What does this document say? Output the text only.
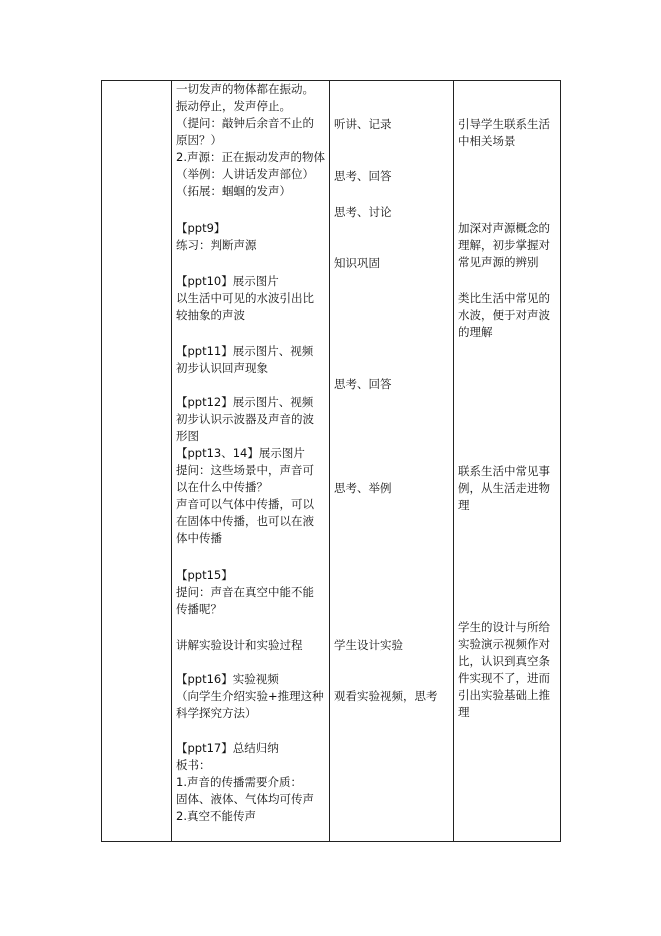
一切发声的物体都在振动。
振动停止，发声停止。
（提问：敲钟后余音不止的
原因？）
2.声源：正在振动发声的物体
（举例：人讲话发声部位）
（拓展：蝈蝈的发声）
【ppt9】
练习：判断声源
【ppt10】展示图片
以生活中可见的水波引出比
较抽象的声波
【ppt11】展示图片、视频
初步认识回声现象
【ppt12】展示图片、视频
初步认识示波器及声音的波
形图
【ppt13、14】展示图片
提问：这些场景中，声音可
以在什么中传播？
声音可以气体中传播，可以
在固体中传播，也可以在液
体中传播
【ppt15】
提问：声音在真空中能不能
传播呢？
讲解实验设计和实验过程
【ppt16】实验视频
（向学生介绍实验+推理这种
科学探究方法）
【ppt17】总结归纳
板书：
1.声音的传播需要介质：
固体、液体、气体均可传声
2.真空不能传声
听讲、记录
思考、回答
思考、讨论
知识巩固
思考、回答
思考、举例
学生设计实验
观看实验视频，思考
引导学生联系生活
中相关场景
加深对声源概念的
理解，初步掌握对
常见声源的辨别
类比生活中常见的
水波，便于对声波
的理解
联系生活中常见事
例，从生活走进物
理
学生的设计与所给
实验演示视频作对
比，认识到真空条
件实现不了，进而
引出实验基础上推
理
